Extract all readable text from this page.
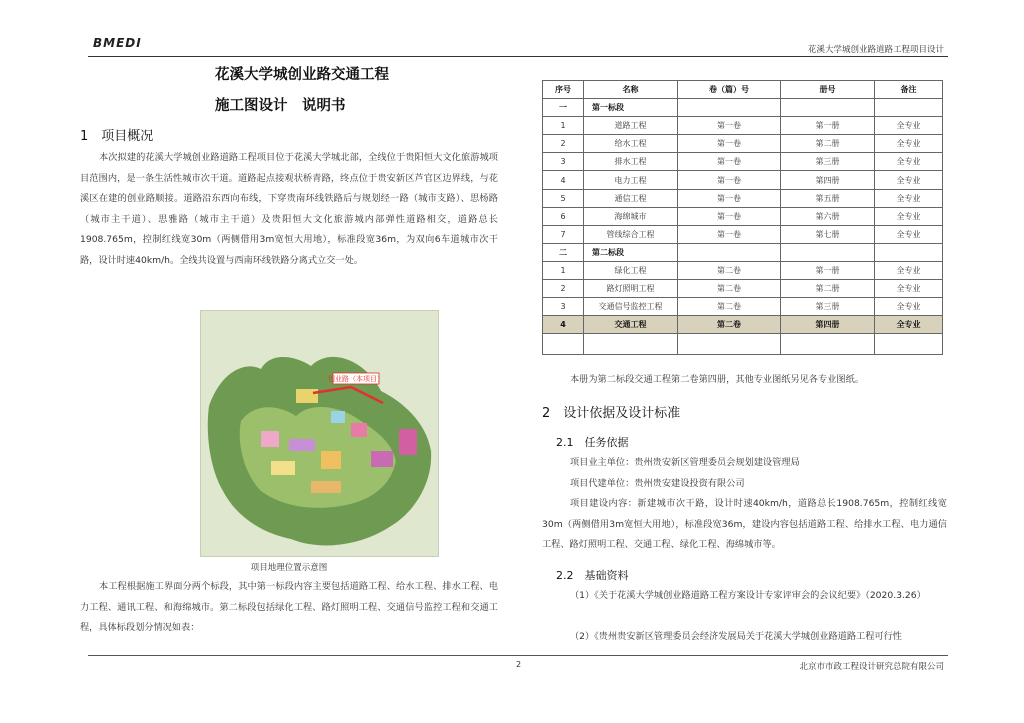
BMEDI	花溪大学城创业路道路工程项目设计
花溪大学城创业路交通工程
施工图设计　说明书
1　项目概况
本次拟建的花溪大学城创业路道路工程项目位于花溪大学城北部，全线位于贵阳恒大文化旅游城项目范围内，是一条生活性城市次干道。道路起点接观状桥青路，终点位于贵安新区芦官区边界线，与花溪区在建的创业路顺接。道路沿东西向布线，下穿贵南环线铁路后与规划经一路（城市支路）、思杨路（城市主干道）、思雅路（城市主干道）及贵阳恒大文化旅游城内部弹性道路相交，道路总长1908.765m，控制红线宽30m（两侧借用3m宽恒大用地），标准段宽36m，为双向6车道城市次干路，设计时速40km/h。全线共设置与西南环线铁路分离式立交一处。
创业路（本项目）
项目地理位置示意图
本工程根据施工界面分两个标段，其中第一标段内容主要包括道路工程、给水工程、排水工程、电力工程、通讯工程、和海绵城市。第二标段包括绿化工程、路灯照明工程、交通信号监控工程和交通工程，具体标段划分情况如表：
序号	名称	卷（篇）号	册号	备注
一	第一标段			
1	道路工程	第一卷	第一册	全专业
2	给水工程	第一卷	第二册	全专业
3	排水工程	第一卷	第三册	全专业
4	电力工程	第一卷	第四册	全专业
5	通信工程	第一卷	第五册	全专业
6	海绵城市	第一卷	第六册	全专业
7	管线综合工程	第一卷	第七册	全专业
二	第二标段			
1	绿化工程	第二卷	第一册	全专业
2	路灯照明工程	第二卷	第二册	全专业
3	交通信号监控工程	第二卷	第三册	全专业
4	交通工程	第二卷	第四册	全专业

本册为第二标段交通工程第二卷第四册，其他专业图纸另见各专业图纸。
2　设计依据及设计标准
2.1　任务依据
项目业主单位：贵州贵安新区管理委员会规划建设管理局
项目代建单位：贵州贵安建设投资有限公司
项目建设内容：新建城市次干路，设计时速40km/h，道路总长1908.765m，控制红线宽30m（两侧借用3m宽恒大用地），标准段宽36m，建设内容包括道路工程、给排水工程、电力通信工程、路灯照明工程、交通工程、绿化工程、海绵城市等。
2.2　基础资料
（1）《关于花溪大学城创业路道路工程方案设计专家评审会的会议纪要》（2020.3.26）
（2）《贵州贵安新区管理委员会经济发展局关于花溪大学城创业路道路工程可行性
2	北京市市政工程设计研究总院有限公司
